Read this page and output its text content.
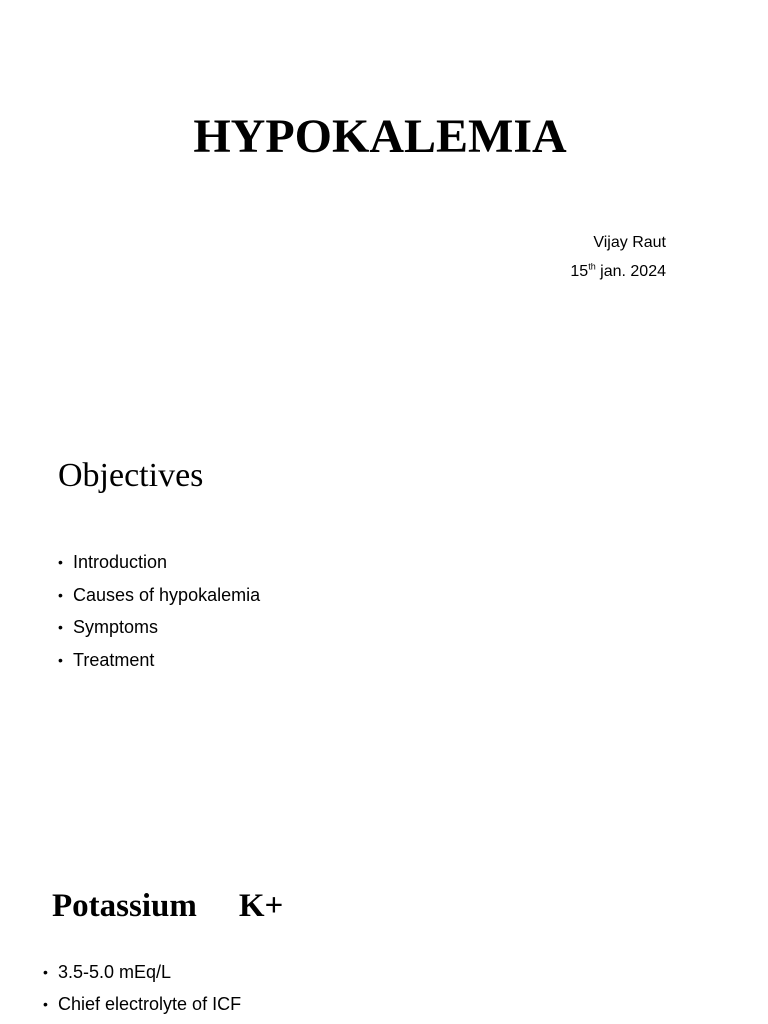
HYPOKALEMIA
Vijay Raut
15th jan. 2024
Objectives
• Introduction
• Causes of hypokalemia
• Symptoms
• Treatment
Potassium K+
• 3.5-5.0 mEq/L
• Chief electrolyte of ICF
